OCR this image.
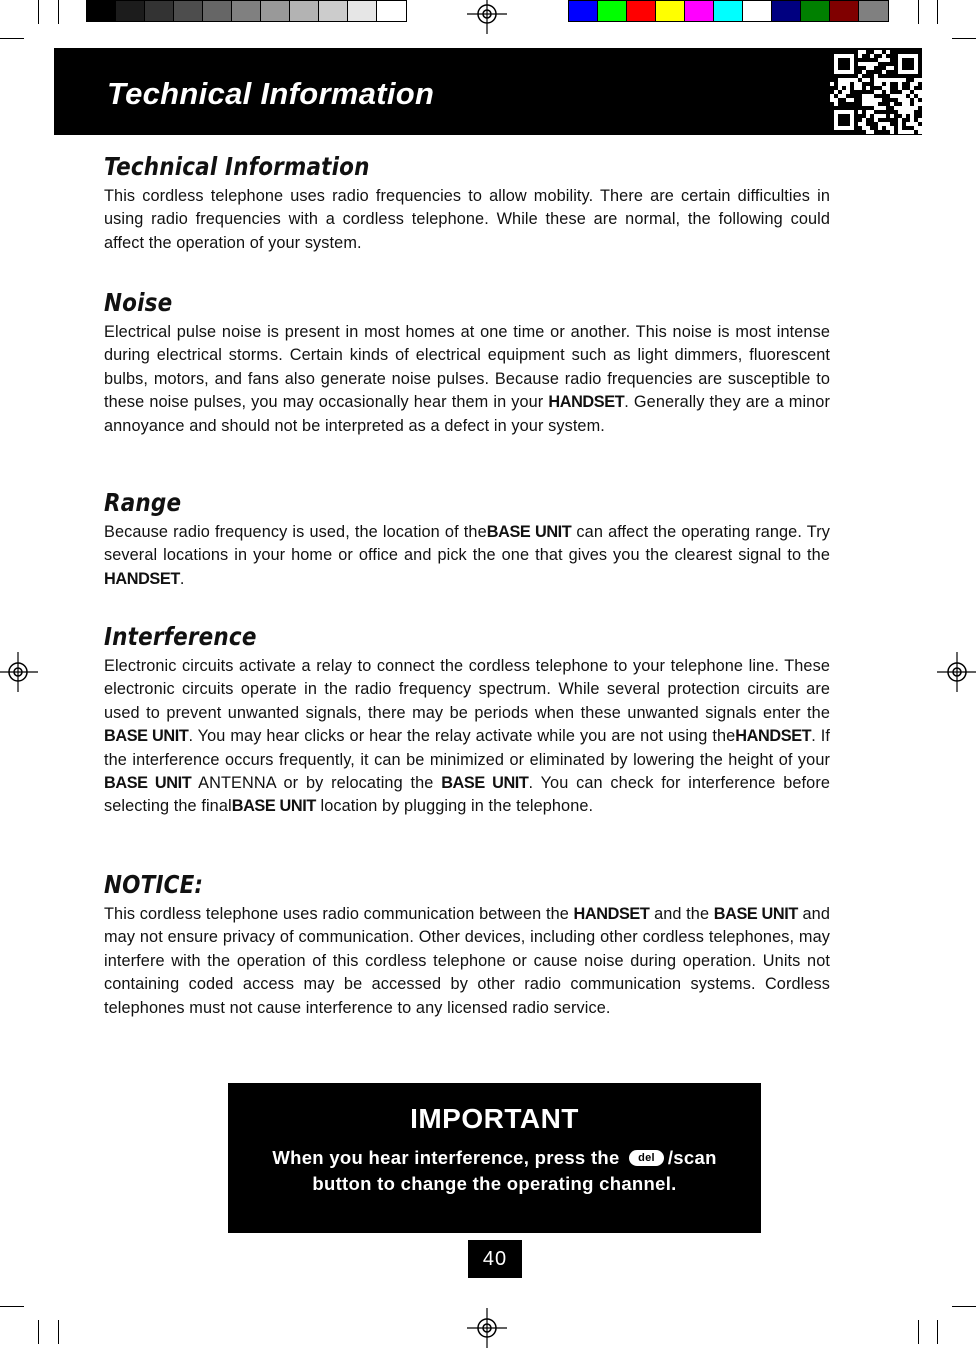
Technical Information
Technical Information

This cordless telephone uses radio frequencies to allow mobility. There are certain difficulties in using radio frequencies with a cordless telephone. While these are normal, the following could affect the operation of your system.

Noise

Electrical pulse noise is present in most homes at one time or another. This noise is most intense during electrical storms. Certain kinds of electrical equipment such as light dimmers, fluorescent bulbs, motors, and fans also generate noise pulses. Because radio frequencies are susceptible to these noise pulses, you may occasionally hear them in your HANDSET. Generally they are a minor annoyance and should not be interpreted as a defect in your system.

Range

Because radio frequency is used, the location of theBASE UNIT can affect the operating range. Try several locations in your home or office and pick the one that gives you the clearest signal to the HANDSET.

Interference

Electronic circuits activate a relay to connect the cordless telephone to your telephone line. These electronic circuits operate in the radio frequency spectrum. While several protection circuits are used to prevent unwanted signals, there may be periods when these unwanted signals enter the BASE UNIT. You may hear clicks or hear the relay activate while you are not using theHANDSET. If the interference occurs frequently, it can be minimized or eliminated by lowering the height of your BASE UNIT ANTENNA or by relocating the BASE UNIT. You can check for interference before selecting the finalBASE UNIT location by plugging in the telephone.

NOTICE:

This cordless telephone uses radio communication between the HANDSET and the BASE UNIT and may not ensure privacy of communication. Other devices, including other cordless telephones, may interfere with the operation of this cordless telephone or cause noise during operation. Units not containing coded access may be accessed by other radio communication systems. Cordless telephones must not cause interference to any licensed radio service.

IMPORTANT
When you hear interference, press the del /scan
button to change the operating channel.
40
